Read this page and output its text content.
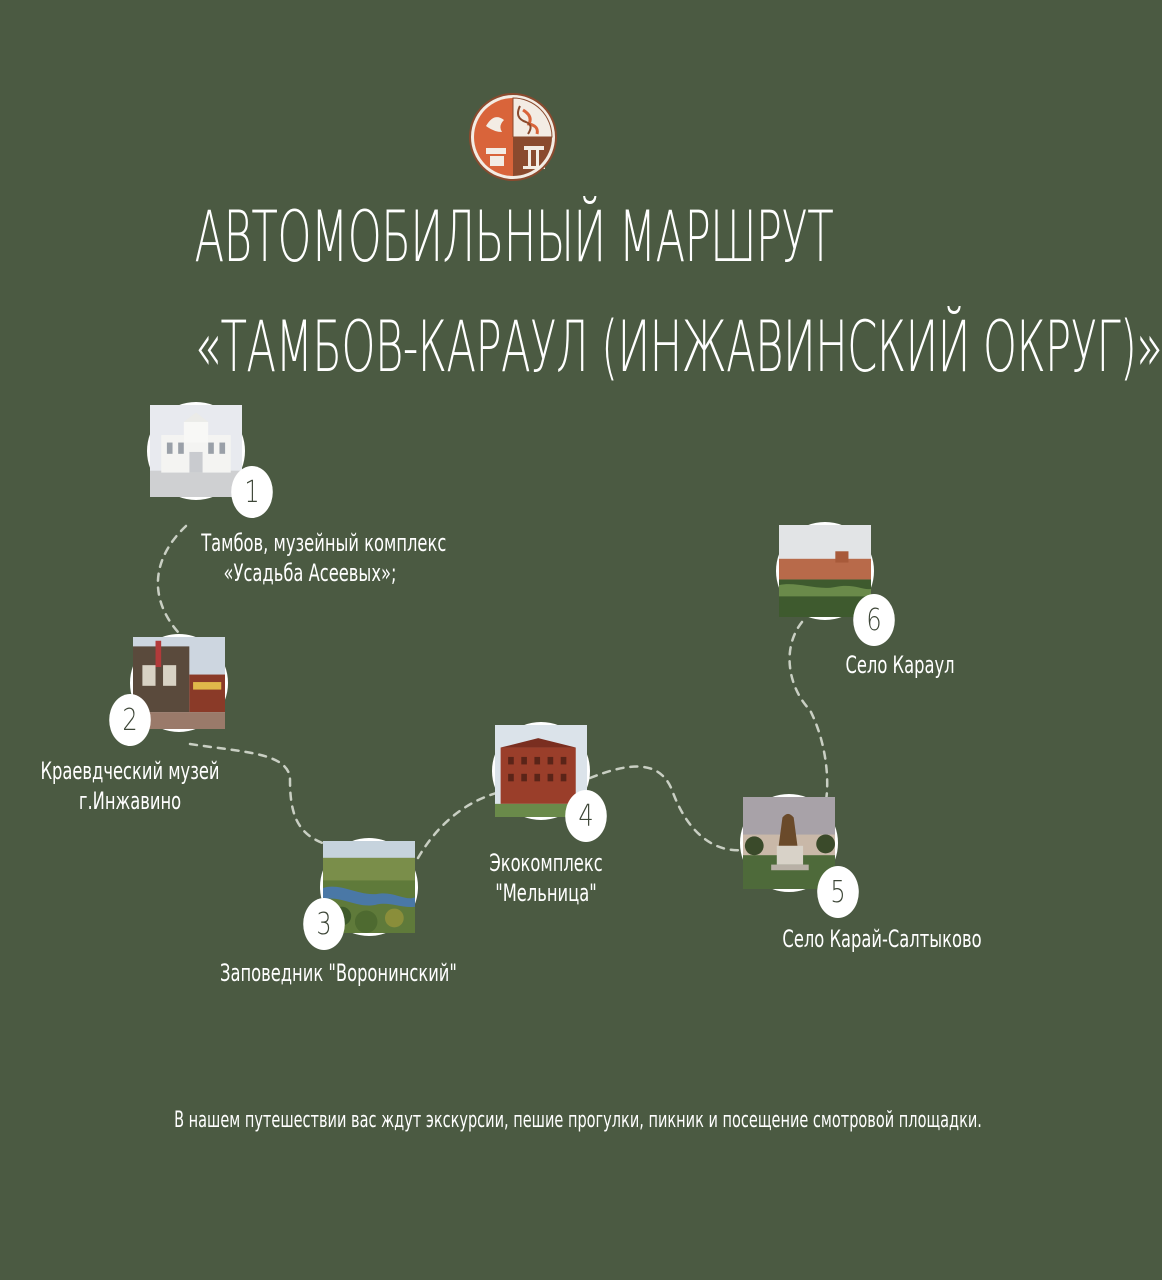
АВТОМОБИЛЬНЫЙ МАРШРУТ
«ТАМБОВ-КАРАУЛ (ИНЖАВИНСКИЙ ОКРУГ)»
1
Тамбов, музейный комплекс
«Усадьба Асеевых»;
2
Краевдческий музей
г.Инжавино
3
Заповедник "Воронинский"
4
Экокомплекс
"Мельница"	5
Село Карай-Салтыково
6
Село Караул
В нашем путешествии вас ждут экскурсии, пешие прогулки, пикник и посещение смотровой площадки.
